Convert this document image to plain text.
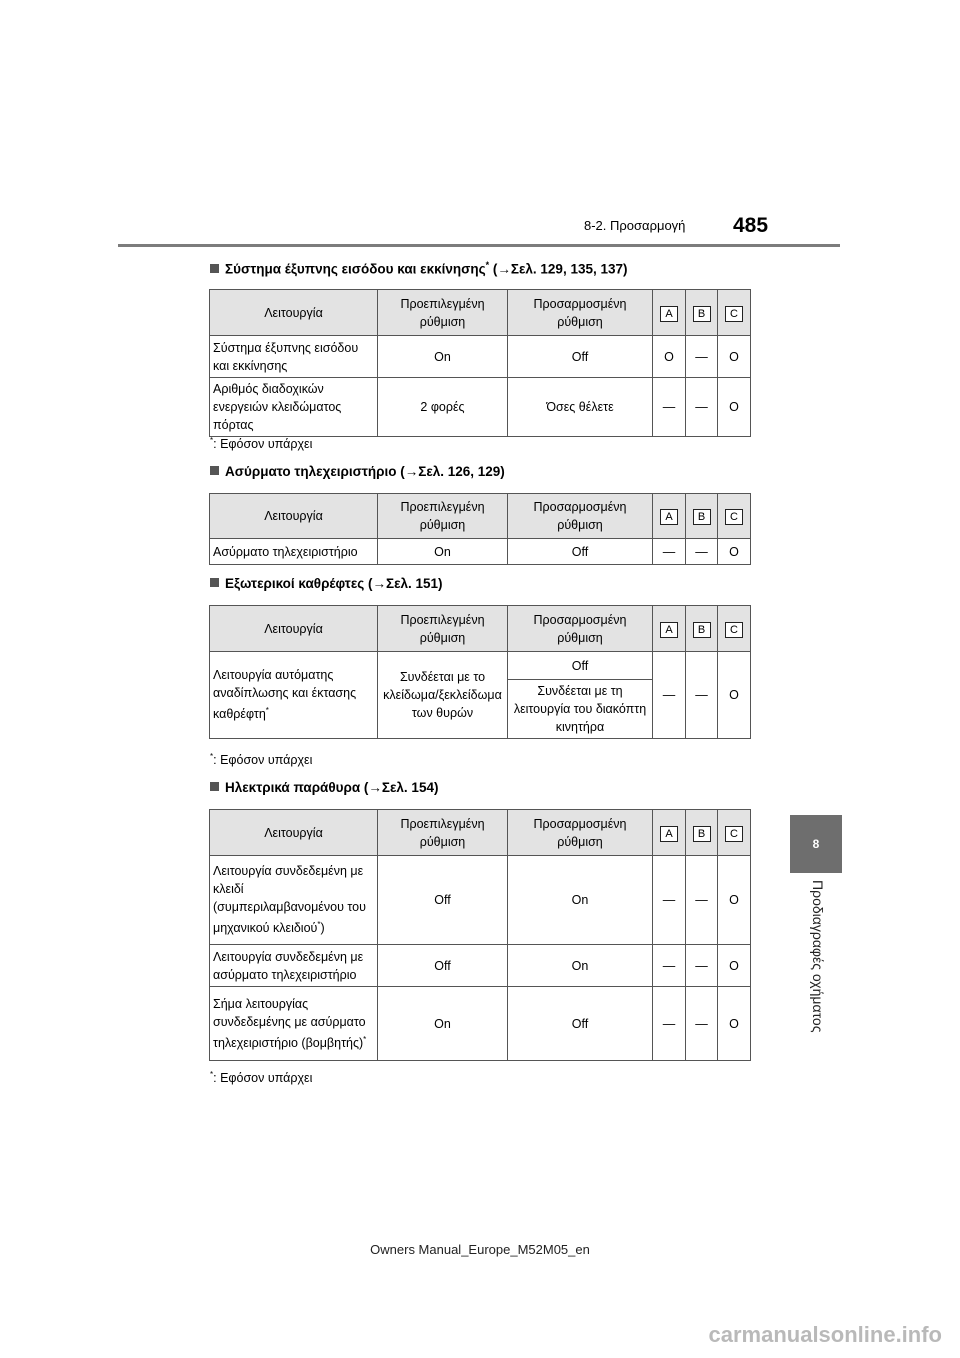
8-2. Προσαρμογή 485
8
Προδιαγραφές οχήματος
Σύστημα έξυπνης εισόδου και εκκίνησης* (→Σελ. 129, 135, 137)
Λειτουργία	Προεπιλεγμένη ρύθμιση	Προσαρμοσμένη ρύθμιση	A	B	C
Σύστημα έξυπνης εισόδου και εκκίνησης	On	Off	O	—	O
Αριθμός διαδοχικών ενεργειών κλειδώματος πόρτας	2 φορές	Όσες θέλετε	—	—	O
*: Εφόσον υπάρχει
Ασύρματο τηλεχειριστήριο (→Σελ. 126, 129)
Λειτουργία	Προεπιλεγμένη ρύθμιση	Προσαρμοσμένη ρύθμιση	A	B	C
Ασύρματο τηλεχειριστήριο	On	Off	—	—	O
Εξωτερικοί καθρέφτες (→Σελ. 151)
Λειτουργία	Προεπιλεγμένη ρύθμιση	Προσαρμοσμένη ρύθμιση	A	B	C
Λειτουργία αυτόματης αναδίπλωσης και έκτασης καθρέφτη*	Συνδέεται με το κλείδωμα/ξεκλείδωμα των θυρών	Off	—	—	O
		Συνδέεται με τη λειτουργία του διακόπτη κινητήρα			
*: Εφόσον υπάρχει
Ηλεκτρικά παράθυρα (→Σελ. 154)
Λειτουργία	Προεπιλεγμένη ρύθμιση	Προσαρμοσμένη ρύθμιση	A	B	C
Λειτουργία συνδεδεμένη με κλειδί (συμπεριλαμβανομένου του μηχανικού κλειδιού*)	Off	On	—	—	O
Λειτουργία συνδεδεμένη με ασύρματο τηλεχειριστήριο	Off	On	—	—	O
Σήμα λειτουργίας συνδεδεμένης με ασύρματο τηλεχειριστήριο (βομβητής)*	On	Off	—	—	O
*: Εφόσον υπάρχει
Owners Manual_Europe_M52M05_en
carmanualsonline.info
